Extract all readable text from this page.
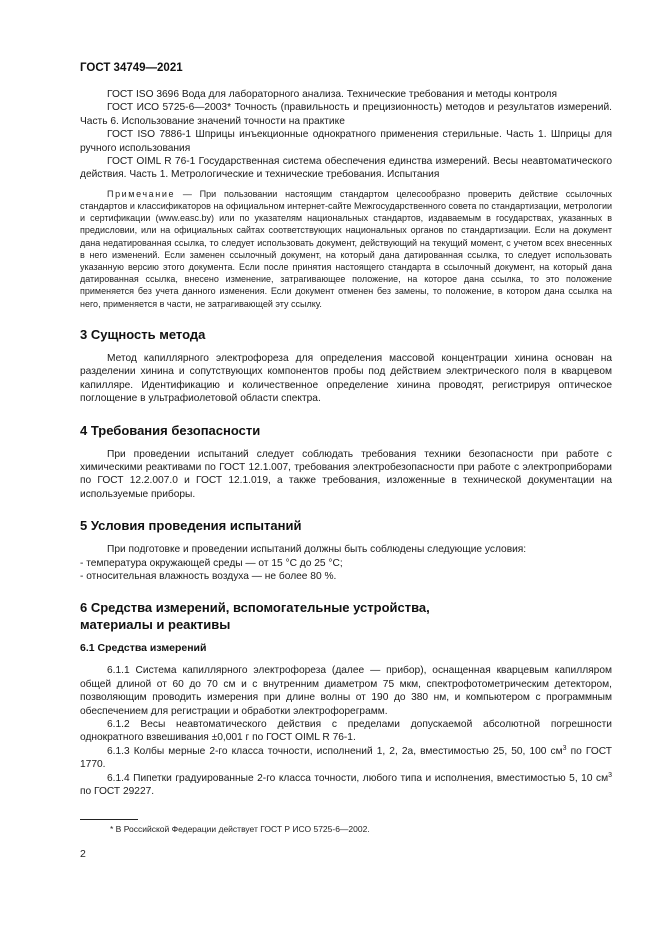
ГОСТ 34749—2021

ГОСТ ISO 3696 Вода для лабораторного анализа. Технические требования и методы контроля

ГОСТ ИСО 5725-6—2003* Точность (правильность и прецизионность) методов и результатов измерений. Часть 6. Использование значений точности на практике

ГОСТ ISO 7886-1 Шприцы инъекционные однократного применения стерильные. Часть 1. Шприцы для ручного использования

ГОСТ OIML R 76-1 Государственная система обеспечения единства измерений. Весы неавтоматического действия. Часть 1. Метрологические и технические требования. Испытания

Примечание — При пользовании настоящим стандартом целесообразно проверить действие ссылочных стандартов и классификаторов на официальном интернет-сайте Межгосударственного совета по стандартизации, метрологии и сертификации (www.easc.by) или по указателям национальных стандартов, издаваемым в государствах, указанных в предисловии, или на официальных сайтах соответствующих национальных органов по стандартизации. Если на документ дана недатированная ссылка, то следует использовать документ, действующий на текущий момент, с учетом всех внесенных в него изменений. Если заменен ссылочный документ, на который дана датированная ссылка, то следует использовать указанную версию этого документа. Если после принятия настоящего стандарта в ссылочный документ, на который дана датированная ссылка, внесено изменение, затрагивающее положение, на которое дана ссылка, то это положение применяется без учета данного изменения. Если документ отменен без замены, то положение, в котором дана ссылка на него, применяется в части, не затрагивающей эту ссылку.

3 Сущность метода

Метод капиллярного электрофореза для определения массовой концентрации хинина основан на разделении хинина и сопутствующих компонентов пробы под действием электрического поля в кварцевом капилляре. Идентификацию и количественное определение хинина проводят, регистрируя оптическое поглощение в ультрафиолетовой области спектра.

4 Требования безопасности

При проведении испытаний следует соблюдать требования техники безопасности при работе с химическими реактивами по ГОСТ 12.1.007, требования электробезопасности при работе с электроприборами по ГОСТ 12.2.007.0 и ГОСТ 12.1.019, а также требования, изложенные в технической документации на используемые приборы.

5 Условия проведения испытаний

При подготовке и проведении испытаний должны быть соблюдены следующие условия:

- температура окружающей среды — от 15 °С до 25 °С;

- относительная влажность воздуха — не более 80 %.

6 Средства измерений, вспомогательные устройства,
материалы и реактивы
6.1 Средства измерений

6.1.1 Система капиллярного электрофореза (далее — прибор), оснащенная кварцевым капилляром общей длиной от 60 до 70 см и с внутренним диаметром 75 мкм, спектрофотометрическим детектором, позволяющим проводить измерения при длине волны от 190 до 380 нм, и компьютером с программным обеспечением для регистрации и обработки электрофореграмм.

6.1.2 Весы неавтоматического действия с пределами допускаемой абсолютной погрешности однократного взвешивания ±0,001 г по ГОСТ OIML R 76-1.

6.1.3 Колбы мерные 2-го класса точности, исполнений 1, 2, 2а, вместимостью 25, 50, 100 $см^3$ по ГОСТ 1770.

6.1.4 Пипетки градуированные 2-го класса точности, любого типа и исполнения, вместимостью 5, 10 $см^3$ по ГОСТ 29227.

* В Российской Федерации действует ГОСТ Р ИСО 5725-6—2002.
2
